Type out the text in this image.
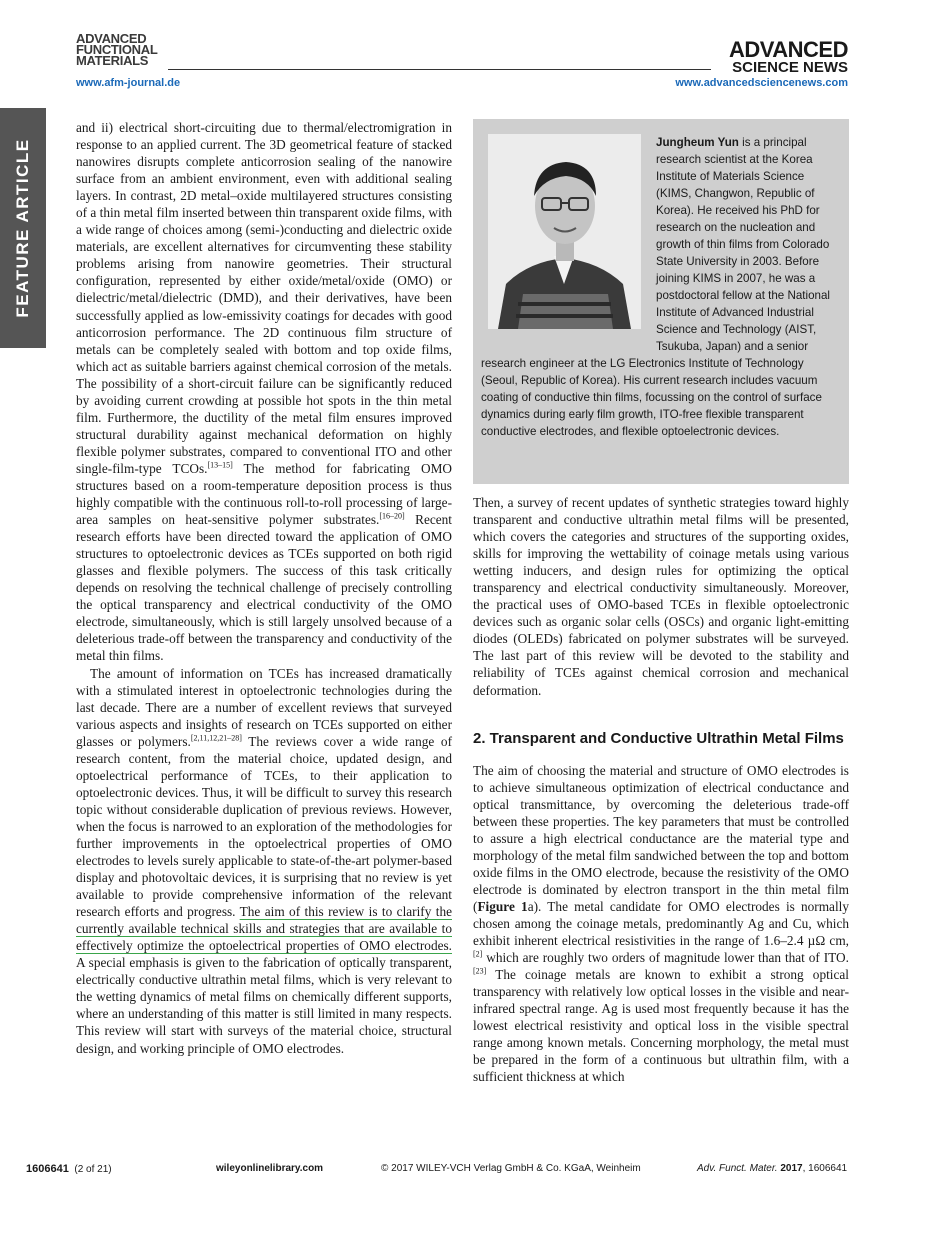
ADVANCED
FUNCTIONAL
MATERIALS
www.afm-journal.de
ADVANCED
SCIENCE NEWS
www.advancedsciencenews.com
FEATURE ARTICLE

and ii) electrical short-circuiting due to thermal/electromigration in response to an applied current. The 3D geometrical feature of stacked nanowires disrupts complete anticorrosion sealing of the nanowire surface from an ambient environment, even with additional sealing layers. In contrast, 2D metal–oxide multilayered structures consisting of a thin metal film inserted between thin transparent oxide films, with a wide range of choices among (semi-)conducting and dielectric oxide materials, are excellent alternatives for circumventing these stability problems arising from nanowire geometries. Their structural configuration, represented by either oxide/metal/oxide (OMO) or dielectric/metal/dielectric (DMD), and their derivatives, have been successfully applied as low-emissivity coatings for decades with good anticorrosion performance. The 2D continuous film structure of metals can be completely sealed with bottom and top oxide films, which act as suitable barriers against chemical corrosion of the metals. The possibility of a short-circuit failure can be significantly reduced by avoiding current crowding at possible hot spots in the thin metal film. Furthermore, the ductility of the metal film ensures improved structural durability against mechanical deformation on highly flexible polymer substrates, compared to conventional ITO and other single-film-type TCOs.[13–15] The method for fabricating OMO structures based on a room-temperature deposition process is thus highly compatible with the continuous roll-to-roll processing of large-area samples on heat-sensitive polymer substrates.[16–20] Recent research efforts have been directed toward the application of OMO structures to optoelectronic devices as TCEs supported on both rigid glasses and flexible polymers. The success of this task critically depends on resolving the technical challenge of precisely controlling the optical transparency and electrical conductivity of the OMO electrode, simultaneously, which is still largely unsolved because of a deleterious trade-off between the transparency and conductivity of the metal thin films.

The amount of information on TCEs has increased dramatically with a stimulated interest in optoelectronic technologies during the last decade. There are a number of excellent reviews that surveyed various aspects and insights of research on TCEs supported on either glasses or polymers.[2,11,12,21–28] The reviews cover a wide range of research content, from the material choice, updated design, and optoelectrical performance of TCEs, to their application to optoelectronic devices. Thus, it will be difficult to survey this research topic without considerable duplication of previous reviews. However, when the focus is narrowed to an exploration of the methodologies for further improvements in the optoelectrical properties of OMO electrodes to levels surely applicable to state-of-the-art polymer-based display and photovoltaic devices, it is surprising that no review is yet available to provide comprehensive information of the relevant research efforts and progress. The aim of this review is to clarify the currently available technical skills and strategies that are available to effectively optimize the optoelectrical properties of OMO electrodes. A special emphasis is given to the fabrication of optically transparent, electrically conductive ultrathin metal films, which is very relevant to the wetting dynamics of metal films on chemically different supports, where an understanding of this matter is still limited in many respects. This review will start with surveys of the material choice, structural design, and working principle of OMO electrodes.

Jungheum Yun is a principal research scientist at the Korea Institute of Materials Science (KIMS, Changwon, Republic of Korea). He received his PhD for research on the nucleation and growth of thin films from Colorado State University in 2003. Before joining KIMS in 2007, he was a postdoctoral fellow at the National Institute of Advanced Industrial Science and Technology (AIST, Tsukuba, Japan) and a senior research engineer at the LG Electronics Institute of Technology (Seoul, Republic of Korea). His current research includes vacuum coating of conductive thin films, focussing on the control of surface dynamics during early film growth, ITO-free flexible transparent conductive electrodes, and flexible optoelectronic devices.

Then, a survey of recent updates of synthetic strategies toward highly transparent and conductive ultrathin metal films will be presented, which covers the categories and structures of the supporting oxides, skills for improving the wettability of coinage metals using various wetting inducers, and design rules for optimizing the optical transparency and electrical conductivity simultaneously. Moreover, the practical uses of OMO-based TCEs in flexible optoelectronic devices such as organic solar cells (OSCs) and organic light-emitting diodes (OLEDs) fabricated on polymer substrates will be surveyed. The last part of this review will be devoted to the stability and reliability of TCEs against chemical corrosion and mechanical deformation.

2. Transparent and Conductive Ultrathin Metal Films

The aim of choosing the material and structure of OMO electrodes is to achieve simultaneous optimization of electrical conductance and optical transmittance, by overcoming the deleterious trade-off between these properties. The key parameters that must be controlled to assure a high electrical conductance are the material type and morphology of the metal film sandwiched between the top and bottom oxide films in the OMO electrode, because the resistivity of the OMO electrode is dominated by electron transport in the thin metal film (Figure 1a). The metal candidate for OMO electrodes is normally chosen among the coinage metals, predominantly Ag and Cu, which exhibit inherent electrical resistivities in the range of 1.6–2.4 µΩ cm,[2] which are roughly two orders of magnitude lower than that of ITO.[23] The coinage metals are known to exhibit a strong optical transparency with relatively low optical losses in the visible and near-infrared spectral range. Ag is used most frequently because it has the lowest electrical resistivity and optical loss in the visible spectral range among known metals. Concerning morphology, the metal must be prepared in the form of a continuous but ultrathin film, with a sufficient thickness at which

1606641 (2 of 21)	wileyonlinelibrary.com	© 2017 WILEY-VCH Verlag GmbH & Co. KGaA, Weinheim	Adv. Funct. Mater. 2017, 1606641
